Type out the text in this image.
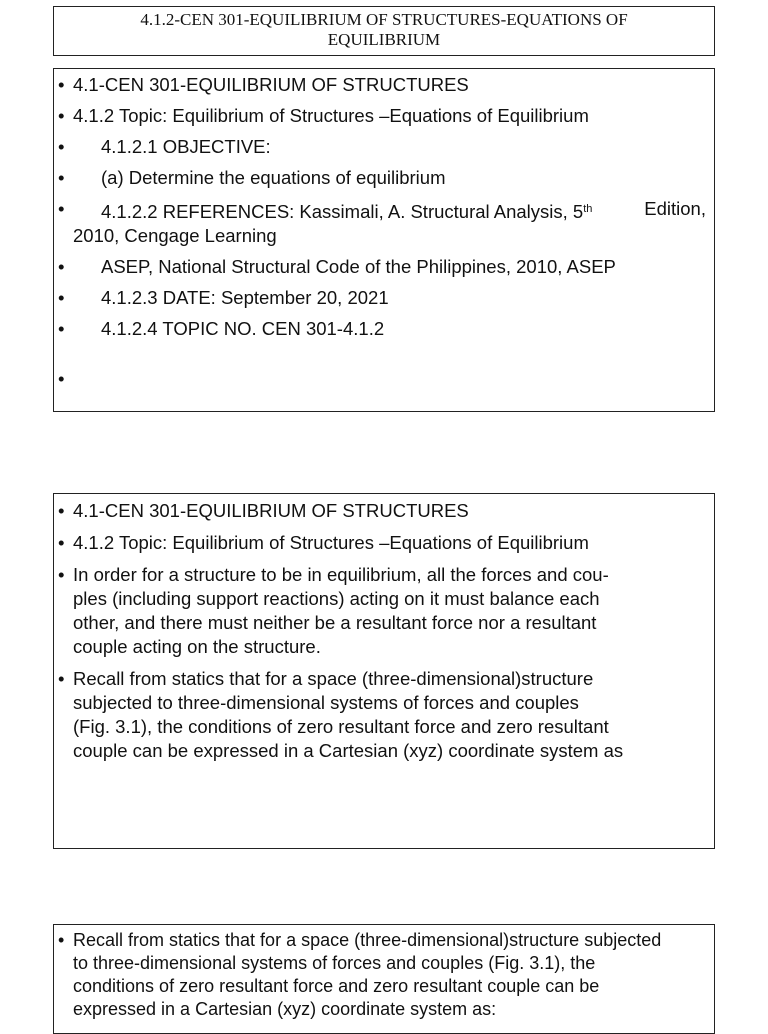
4.1.2-CEN 301-EQUILIBRIUM OF STRUCTURES-EQUATIONS OF
EQUILIBRIUM
• 4.1-CEN 301-EQUILIBRIUM OF STRUCTURES
• 4.1.2 Topic: Equilibrium of Structures –Equations of Equilibrium
• 4.1.2.1 OBJECTIVE:
• (a) Determine the equations of equilibrium
• 4.1.2.2 REFERENCES: Kassimali, A. Structural Analysis, 5th	Edition,
2010, Cengage Learning
• ASEP, National Structural Code of the Philippines, 2010, ASEP
• 4.1.2.3 DATE: September 20, 2021
• 4.1.2.4 TOPIC NO. CEN 301-4.1.2
•
• 4.1-CEN 301-EQUILIBRIUM OF STRUCTURES
• 4.1.2 Topic: Equilibrium of Structures –Equations of Equilibrium
• In order for a structure to be in equilibrium, all the forces and cou-
ples (including support reactions) acting on it must balance each
other, and there must neither be a resultant force nor a resultant
couple acting on the structure.
• Recall from statics that for a space (three-dimensional)structure
subjected to three-dimensional systems of forces and couples
(Fig. 3.1), the conditions of zero resultant force and zero resultant
couple can be expressed in a Cartesian (xyz) coordinate system as
• Recall from statics that for a space (three-dimensional)structure subjected
to three-dimensional systems of forces and couples (Fig. 3.1), the
conditions of zero resultant force and zero resultant couple can be
expressed in a Cartesian (xyz) coordinate system as:
